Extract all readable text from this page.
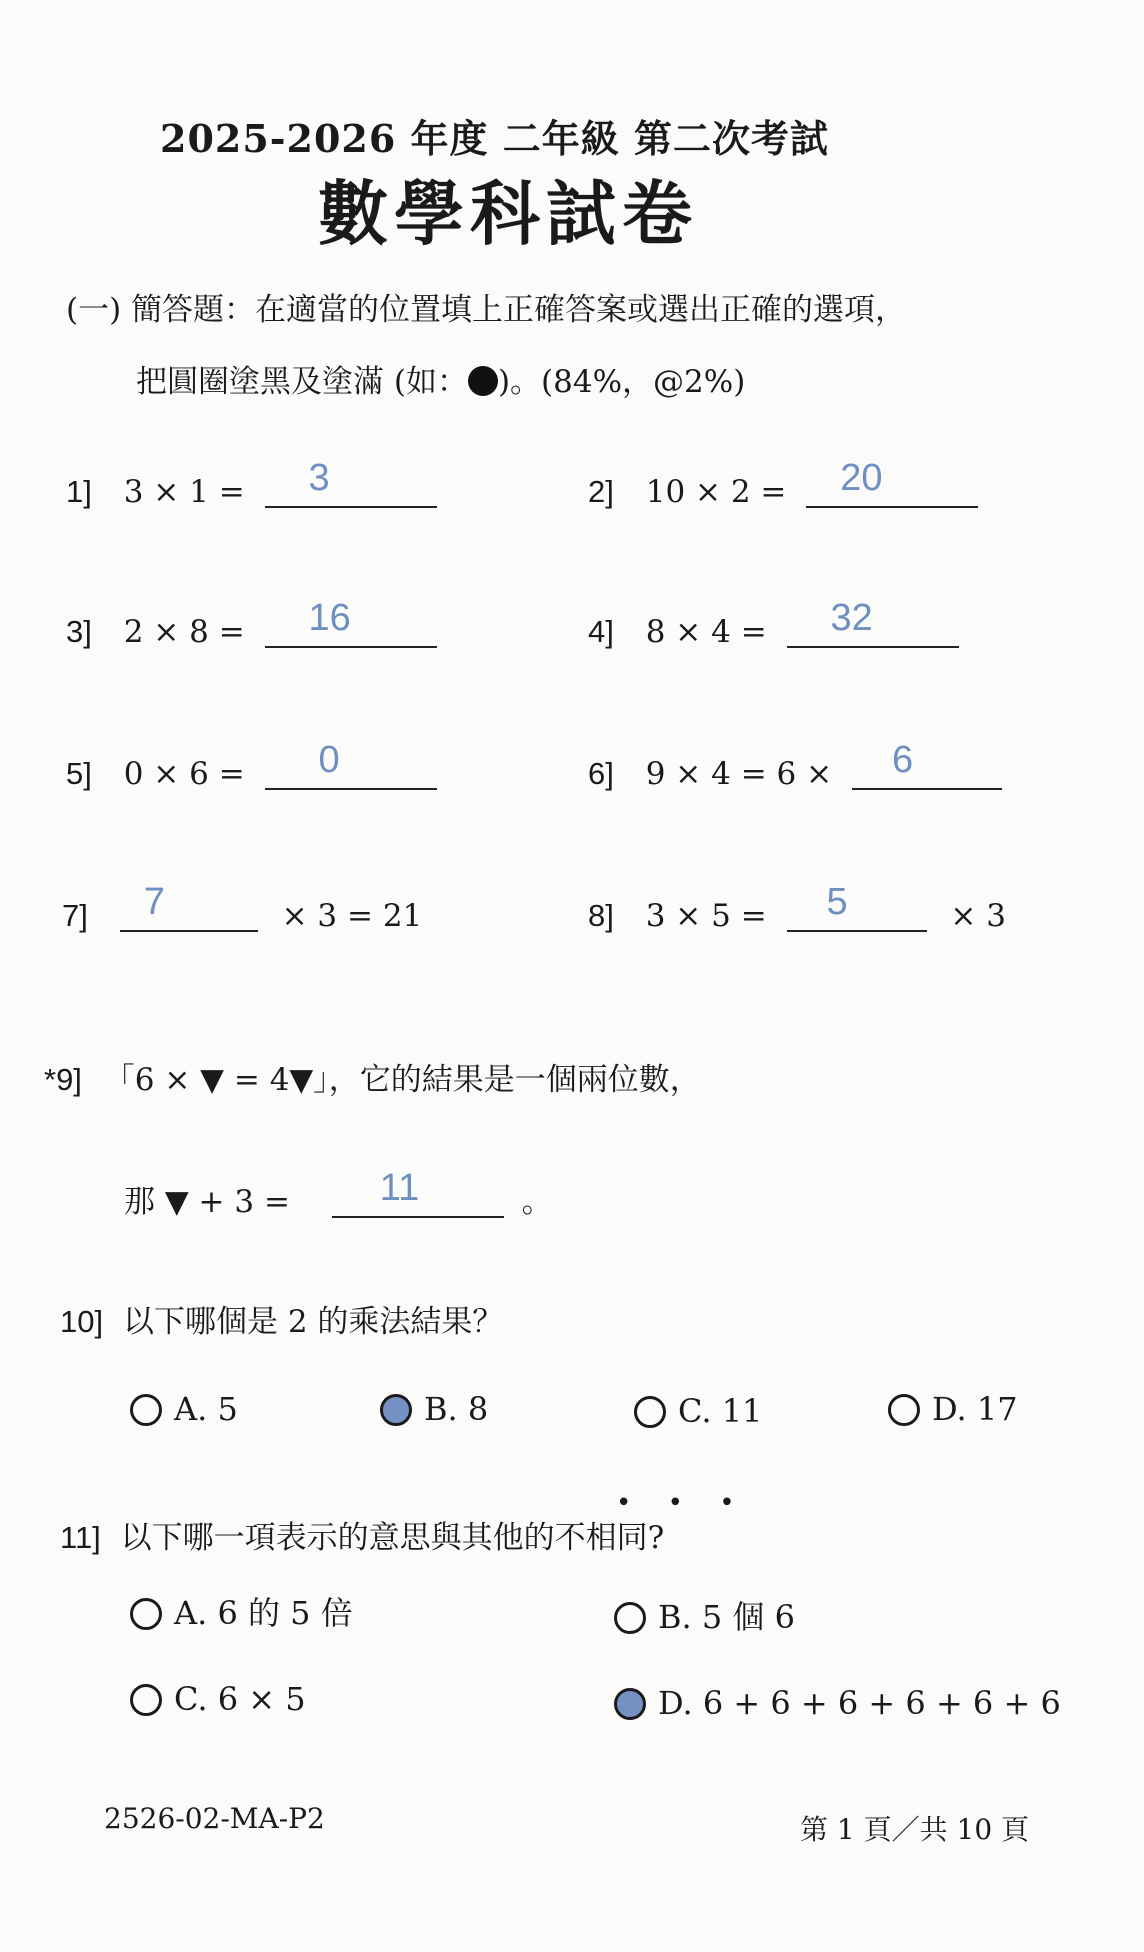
2025-2026 年度 二年級 第二次考試
數學科試卷
(一) 簡答題：在適當的位置填上正確答案或選出正確的選項，
把圓圈塗黑及塗滿 (如： )。(84%，@2%)
1] 3 × 1 =	3	2] 10 × 2 =	20
3] 2 × 8 =	16	4] 8 × 4 =	32
5] 0 × 6 =	0	6] 9 × 4 = 6 ×	6
7]	7	× 3 = 21	8] 3 × 5 =	5	× 3
*9] 「6 × ▼ = 4▼」，它的結果是一個兩位數，
那 ▼ + 3 =	11	。
10] 以下哪個是 2 的乘法結果？
A. 5	B. 8	C. 11	D. 17
• • •
11] 以下哪一項表示的意思與其他的不相同?
A. 6 的 5 倍	B. 5 個 6
C. 6 × 5	D. 6 + 6 + 6 + 6 + 6 + 6
2526-02-MA-P2	第 1 頁／共 10 頁
